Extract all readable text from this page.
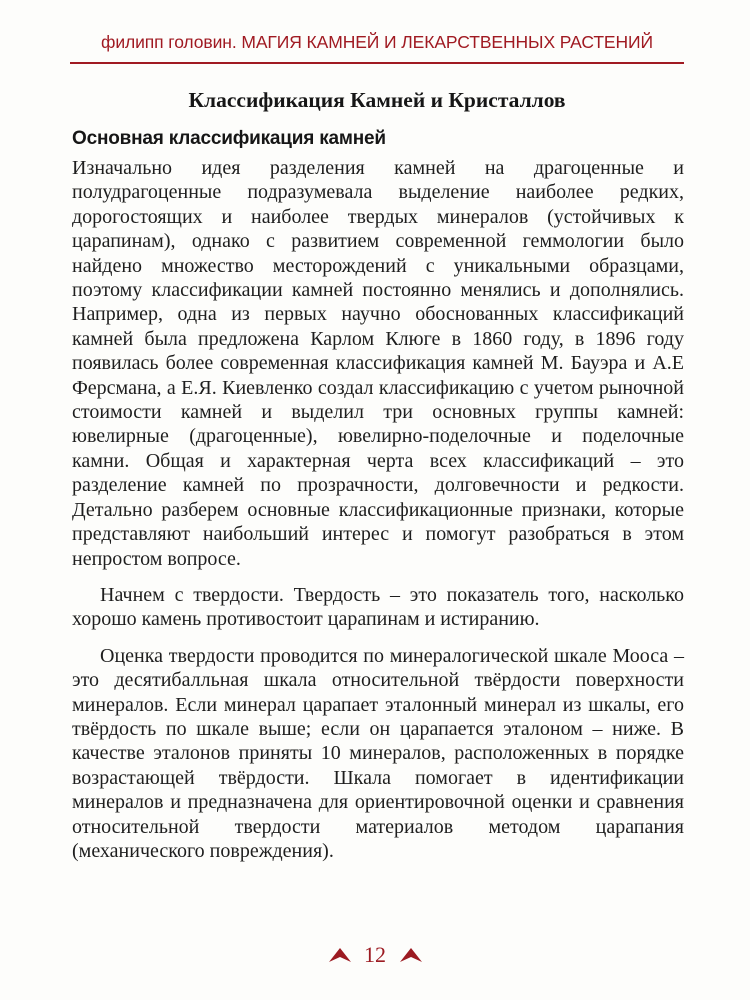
филипп головин. МАГИЯ КАМНЕЙ И ЛЕКАРСТВЕННЫХ РАСТЕНИЙ
Классификация Камней и Кристаллов
Основная классификация камней

Изначально идея разделения камней на драгоценные и полудрагоценные подразумевала выделение наиболее редких, дорогостоящих и наиболее твердых минералов (устойчивых к царапинам), однако с развитием современной геммологии было найдено множество месторождений с уникальными образцами, поэтому классификации камней постоянно менялись и дополнялись. Например, одна из первых научно обоснованных классификаций камней была предложена Карлом Клюге в 1860 году, в 1896 году появилась более современная классификация камней М. Бауэра и А.Е Ферсмана, а Е.Я. Киевленко создал классификацию с учетом рыночной стоимости камней и выделил три основных группы камней: ювелирные (драгоценные), ювелирно-поделочные и поделочные камни. Общая и характерная черта всех классификаций – это разделение камней по прозрачности, долговечности и редкости. Детально разберем основные классификационные признаки, которые представляют наибольший интерес и помогут разобраться в этом непростом вопросе.

Начнем с твердости. Твердость – это показатель того, насколько хорошо камень противостоит царапинам и истиранию.

Оценка твердости проводится по минералогической шкале Мооса – это десятибалльная шкала относительной твёрдости поверхности минералов. Если минерал царапает эталонный минерал из шкалы, его твёрдость по шкале выше; если он царапается эталоном – ниже. В качестве эталонов приняты 10 минералов, расположенных в порядке возрастающей твёрдости. Шкала помогает в идентификации минералов и предназначена для ориентировочной оценки и сравнения относительной твердости материалов методом царапания (механического повреждения).

12
